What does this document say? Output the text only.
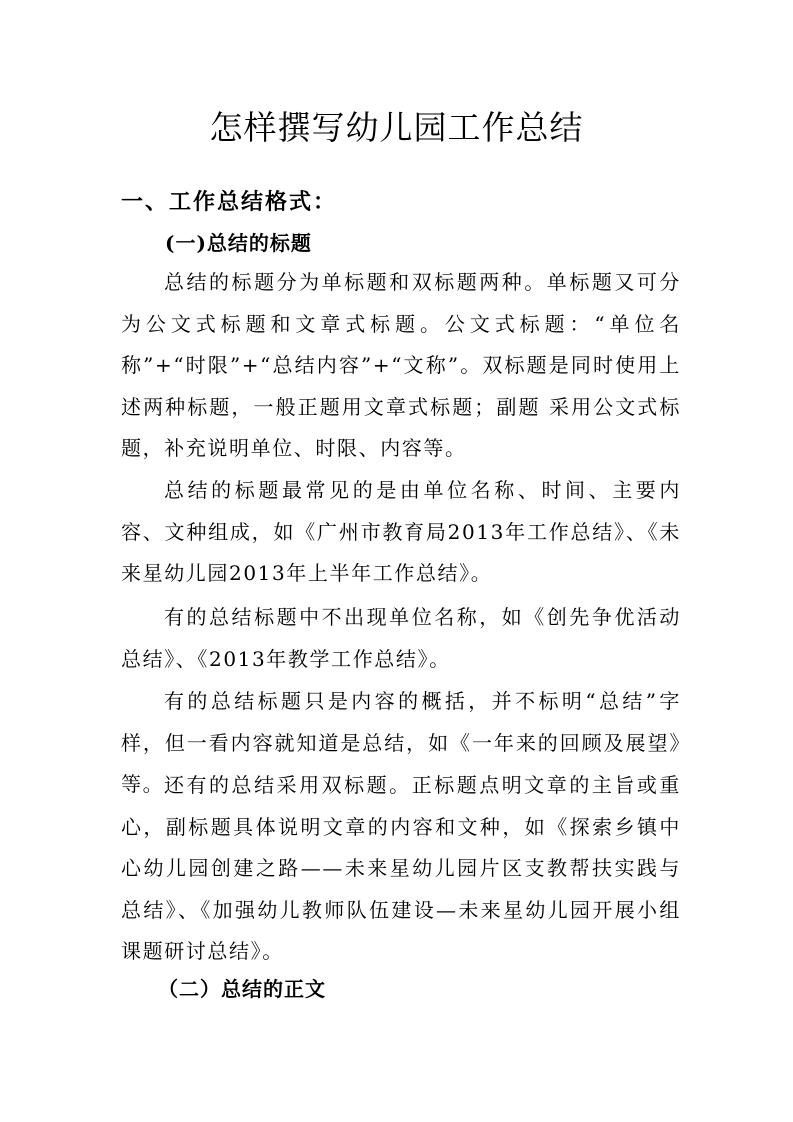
怎样撰写幼儿园工作总结
一、工作总结格式：
(一)总结的标题

总结的标题分为单标题和双标题两种。单标题又可分为公文式标题和文章式标题。公文式标题：“单位名称”+“时限”+“总结内容”+“文称”。双标题是同时使用上述两种标题，一般正题用文章式标题；副题 采用公文式标题，补充说明单位、时限、内容等。

总结的标题最常见的是由单位名称、时间、主要内容、文种组成，如《广州市教育局2013年工作总结》、《未来星幼儿园2013年上半年工作总结》。

有的总结标题中不出现单位名称，如《创先争优活动总结》、《2013年教学工作总结》。

有的总结标题只是内容的概括，并不标明“总结”字样，但一看内容就知道是总结，如《一年来的回顾及展望》等。 还有的总结采用双标题。正标题点明文章的主旨或重心，副标题具体说明文章的内容和文种，如《探索乡镇中心幼儿园创建之路——未来星幼儿园片区支教帮扶实践与总结》、《加强幼儿教师队伍建设—未来星幼儿园开展小组课题研讨总结》。

（二）总结的正文
